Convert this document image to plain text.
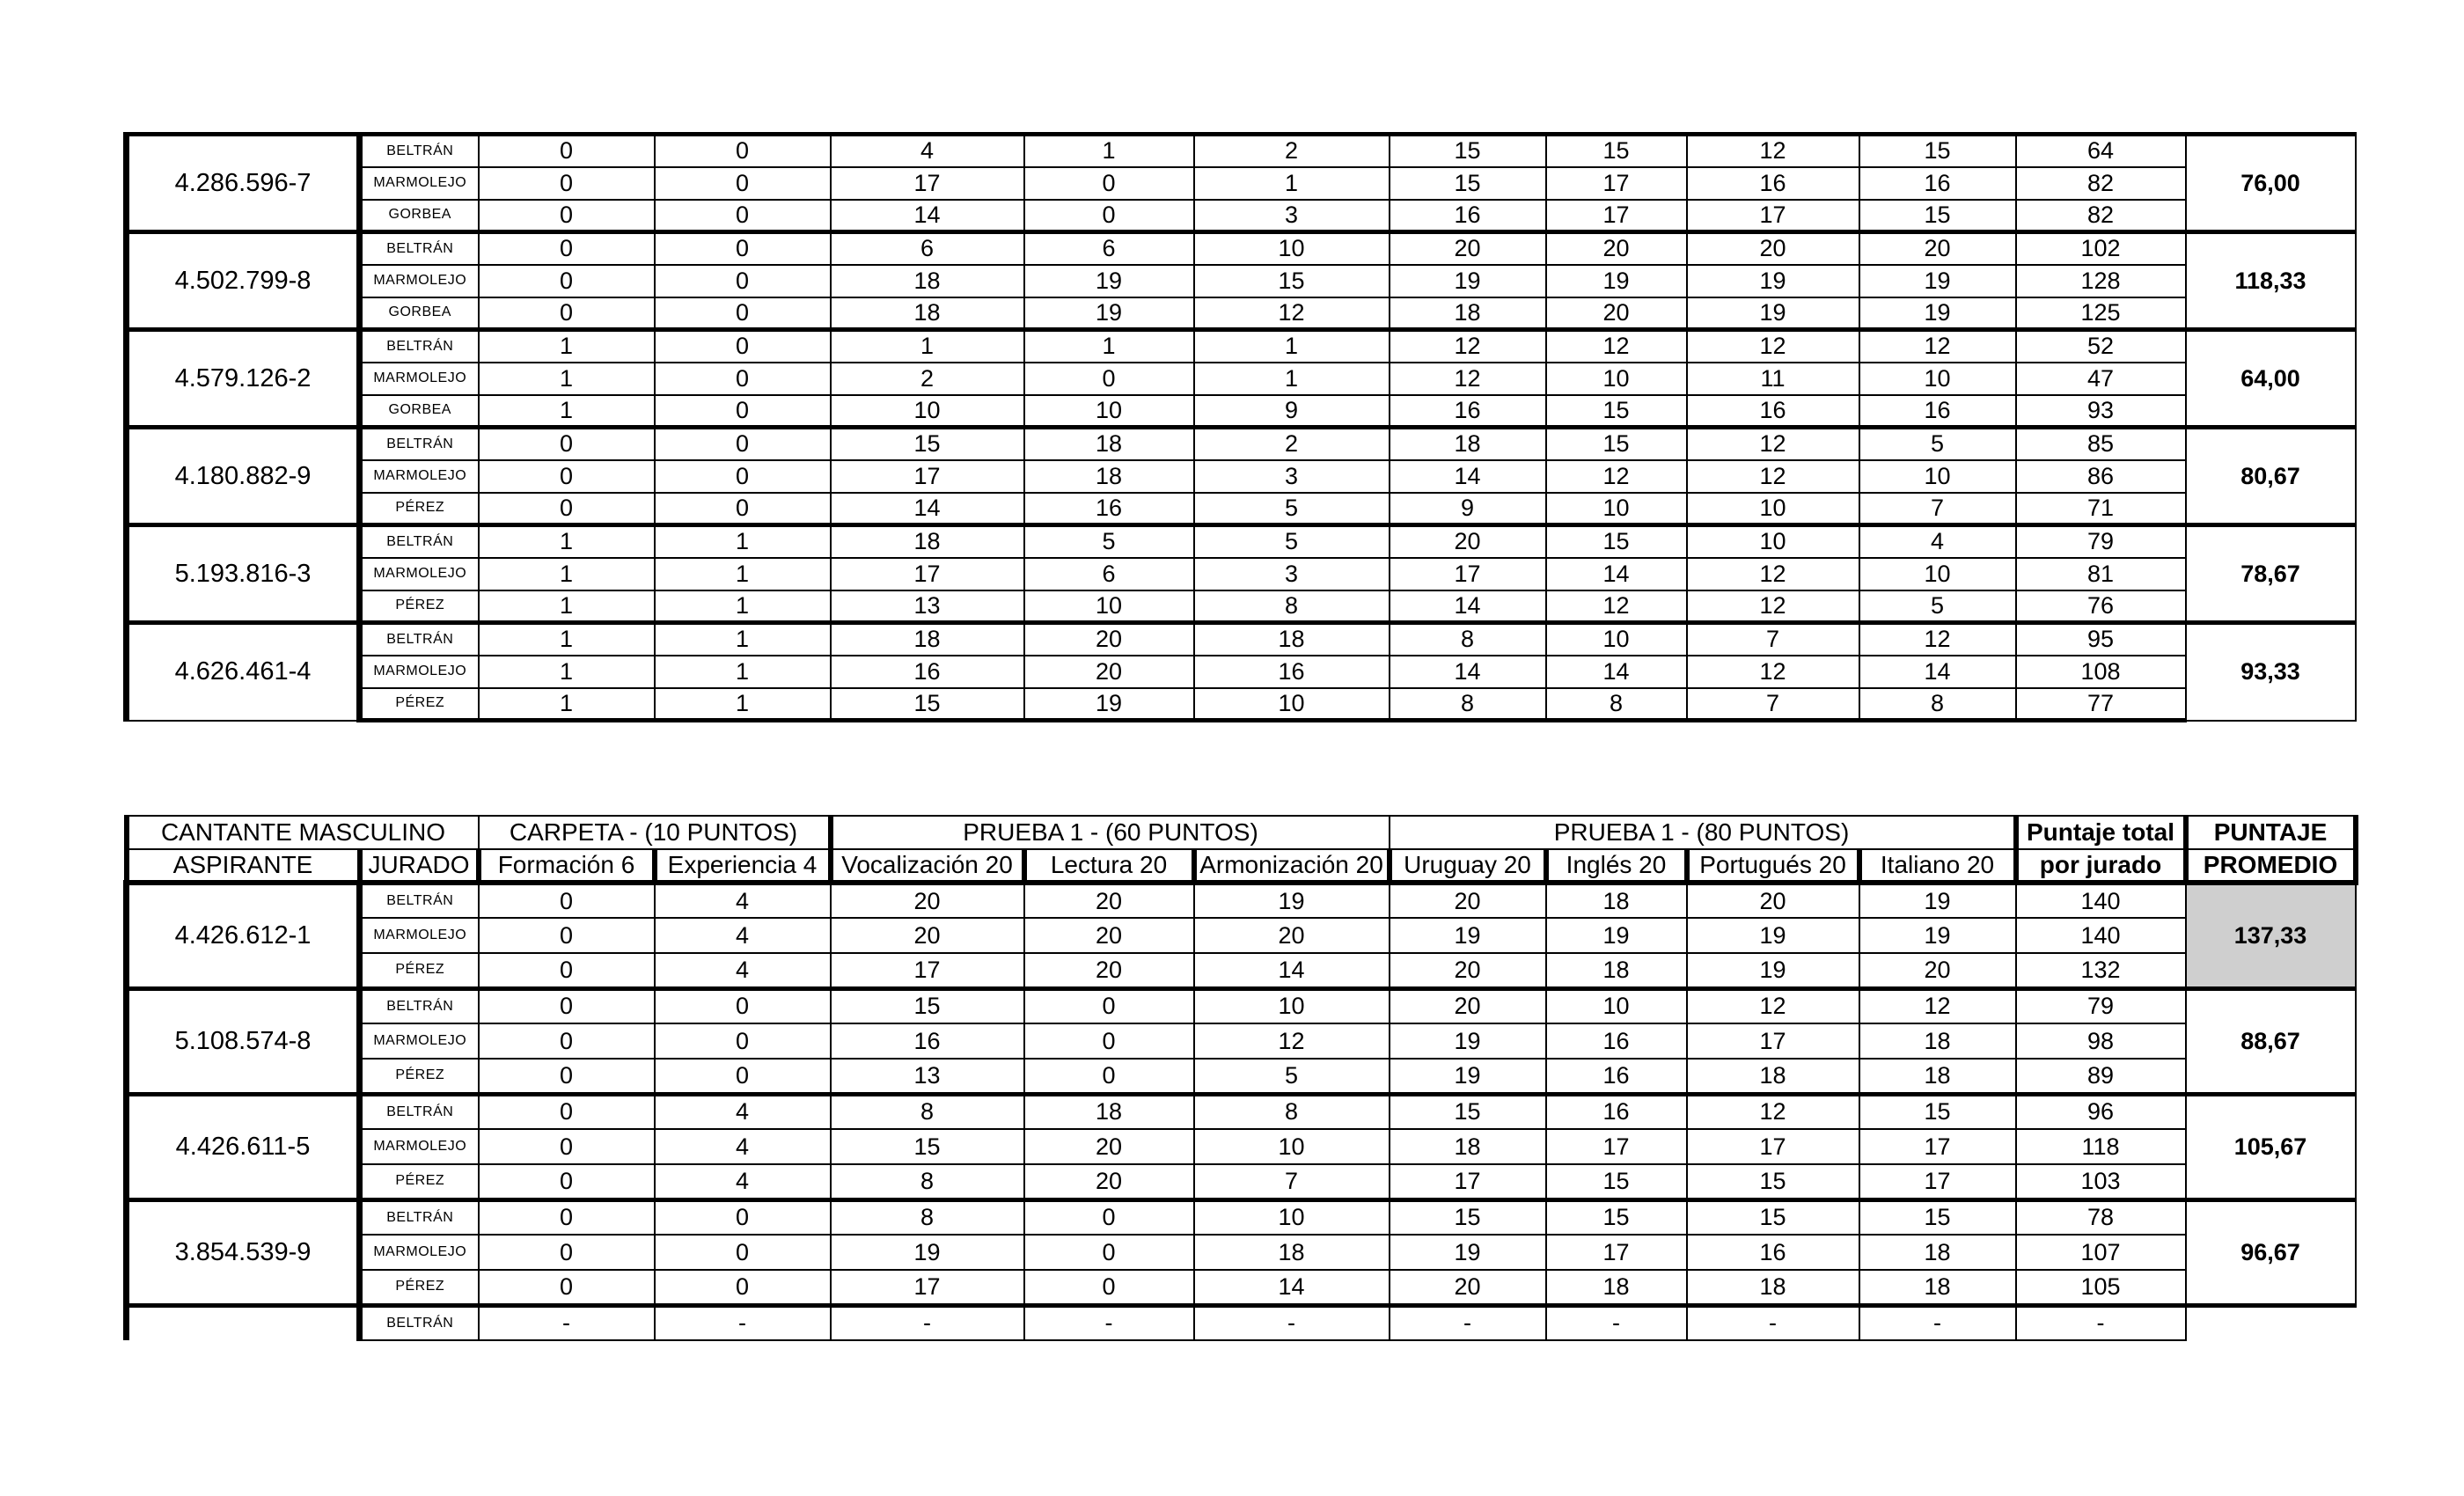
4.286.596-7	BELTRÁN	0	0	4	1	2	15	15	12	15	64	76,00
	MARMOLEJO	0	0	17	0	1	15	17	16	16	82	
	GORBEA	0	0	14	0	3	16	17	17	15	82	
4.502.799-8	BELTRÁN	0	0	6	6	10	20	20	20	20	102	118,33
	MARMOLEJO	0	0	18	19	15	19	19	19	19	128	
	GORBEA	0	0	18	19	12	18	20	19	19	125	
4.579.126-2	BELTRÁN	1	0	1	1	1	12	12	12	12	52	64,00
	MARMOLEJO	1	0	2	0	1	12	10	11	10	47	
	GORBEA	1	0	10	10	9	16	15	16	16	93	
4.180.882-9	BELTRÁN	0	0	15	18	2	18	15	12	5	85	80,67
	MARMOLEJO	0	0	17	18	3	14	12	12	10	86	
	PÉREZ	0	0	14	16	5	9	10	10	7	71	
5.193.816-3	BELTRÁN	1	1	18	5	5	20	15	10	4	79	78,67
	MARMOLEJO	1	1	17	6	3	17	14	12	10	81	
	PÉREZ	1	1	13	10	8	14	12	12	5	76	
4.626.461-4	BELTRÁN	1	1	18	20	18	8	10	7	12	95	93,33
	MARMOLEJO	1	1	16	20	16	14	14	12	14	108	
	PÉREZ	1	1	15	19	10	8	8	7	8	77	
CANTANTE MASCULINO		CARPETA - (10 PUNTOS)		PRUEBA 1 - (60 PUNTOS)			PRUEBA 1 - (80 PUNTOS)				Puntaje total	PUNTAJE
ASPIRANTE	JURADO	Formación 6	Experiencia 4	Vocalización 20	Lectura 20	Armonización 20	Uruguay 20	Inglés 20	Portugués 20	Italiano 20	por jurado	PROMEDIO
4.426.612-1	BELTRÁN	0	4	20	20	19	20	18	20	19	140	137,33
	MARMOLEJO	0	4	20	20	20	19	19	19	19	140	
	PÉREZ	0	4	17	20	14	20	18	19	20	132	
5.108.574-8	BELTRÁN	0	0	15	0	10	20	10	12	12	79	88,67
	MARMOLEJO	0	0	16	0	12	19	16	17	18	98	
	PÉREZ	0	0	13	0	5	19	16	18	18	89	
4.426.611-5	BELTRÁN	0	4	8	18	8	15	16	12	15	96	105,67
	MARMOLEJO	0	4	15	20	10	18	17	17	17	118	
	PÉREZ	0	4	8	20	7	17	15	15	17	103	
3.854.539-9	BELTRÁN	0	0	8	0	10	15	15	15	15	78	96,67
	MARMOLEJO	0	0	19	0	18	19	17	16	18	107	
	PÉREZ	0	0	17	0	14	20	18	18	18	105	
	BELTRÁN	-	-	-	-	-	-	-	-	-	-	
